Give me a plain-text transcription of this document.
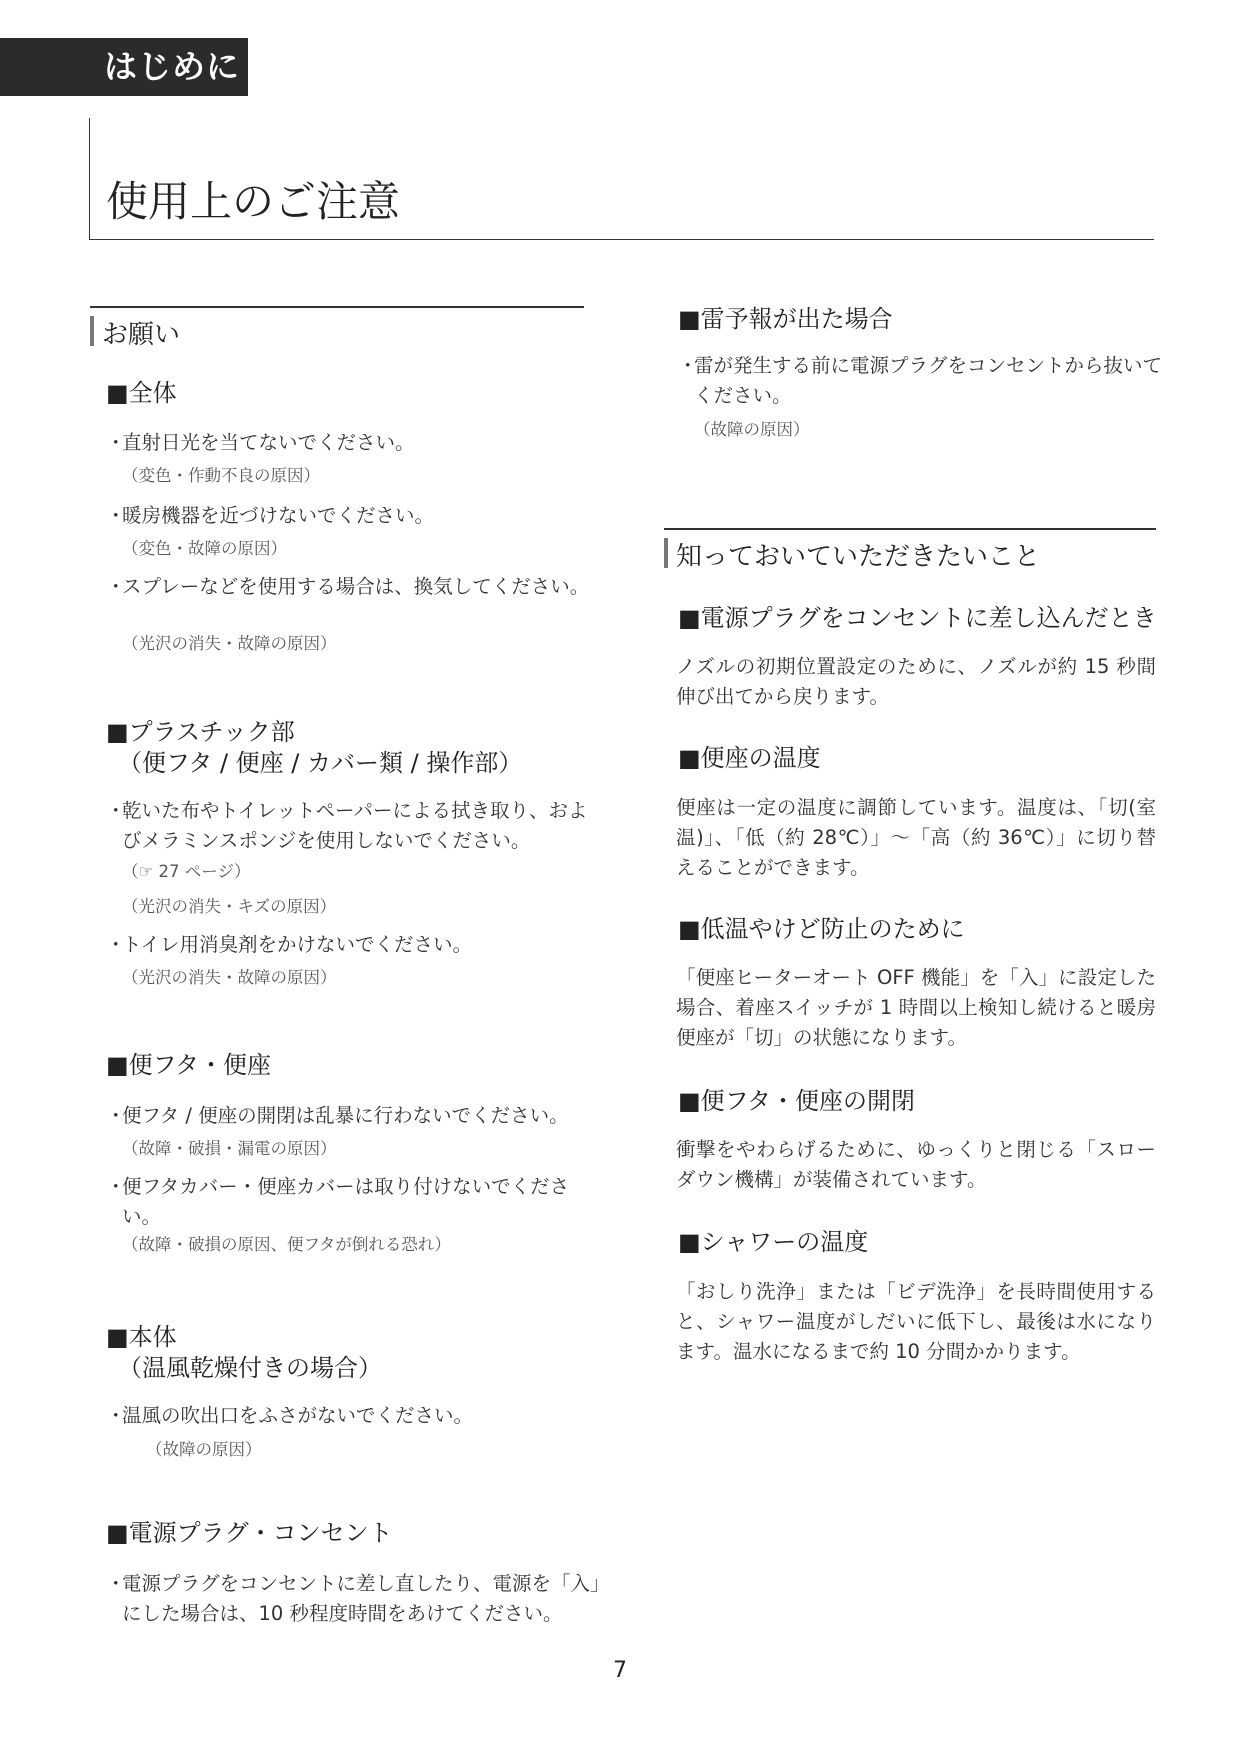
はじめに
使用上のご注意
お願い
■全体
・ 直射日光を当てないでください。
（変色・作動不良の原因）
・ 暖房機器を近づけないでください。
（変色・故障の原因）
・ スプレーなどを使用する場合は、換気してください。
（光沢の消失・故障の原因）
■プラスチック部
（便フタ / 便座 / カバー類 / 操作部）
・ 乾いた布やトイレットペーパーによる拭き取り、およびメラミンスポンジを使用しないでください。
（☞ 27 ページ）
（光沢の消失・キズの原因）
・ トイレ用消臭剤をかけないでください。
（光沢の消失・故障の原因）
■便フタ・便座
・ 便フタ / 便座の開閉は乱暴に行わないでください。
（故障・破損・漏電の原因）
・ 便フタカバー・便座カバーは取り付けないでください。
（故障・破損の原因、便フタが倒れる恐れ）
■本体
（温風乾燥付きの場合）
・ 温風の吹出口をふさがないでください。
（故障の原因）
■電源プラグ・コンセント
・ 電源プラグをコンセントに差し直したり、電源を「入」にした場合は、10 秒程度時間をあけてください。
■雷予報が出た場合
・ 雷が発生する前に電源プラグをコンセントから抜いてください。
（故障の原因）
知っておいていただきたいこと
■電源プラグをコンセントに差し込んだとき
ノズルの初期位置設定のために、ノズルが約 15 秒間伸び出てから戻ります。
■便座の温度
便座は一定の温度に調節しています。温度は、「切(室温)」、「低（約 28℃）」～「高（約 36℃）」に切り替えることができます。
■低温やけど防止のために
「便座ヒーターオート OFF 機能」を「入」に設定した場合、着座スイッチが 1 時間以上検知し続けると暖房便座が「切」の状態になります。
■便フタ・便座の開閉
衝撃をやわらげるために、ゆっくりと閉じる「スローダウン機構」が装備されています。
■シャワーの温度
「おしり洗浄」または「ビデ洗浄」を長時間使用すると、シャワー温度がしだいに低下し、最後は水になります。温水になるまで約 10 分間かかります。
7
